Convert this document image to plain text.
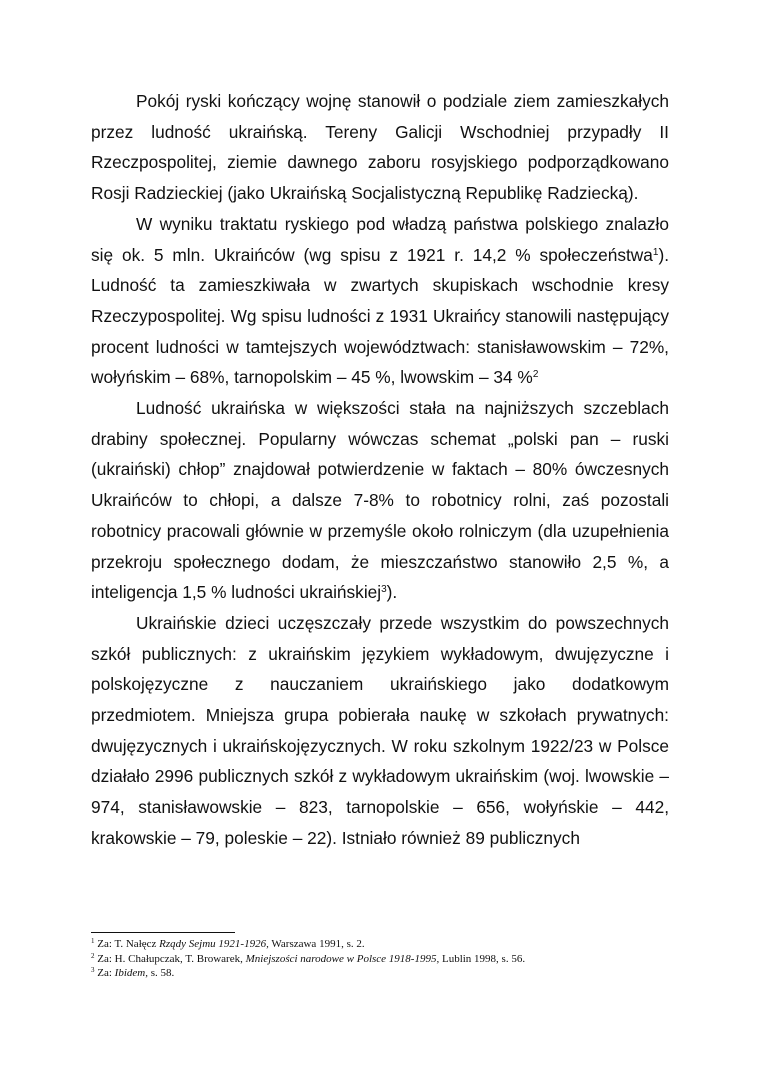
Pokój ryski kończący wojnę stanowił o podziale ziem zamieszkałych przez ludność ukraińską. Tereny Galicji Wschodniej przypadły II Rzeczpospolitej, ziemie dawnego zaboru rosyjskiego podporządkowano Rosji Radzieckiej (jako Ukraińską Socjalistyczną Republikę Radziecką).

W wyniku traktatu ryskiego pod władzą państwa polskiego znalazło się ok. 5 mln. Ukraińców (wg spisu z 1921 r. 14,2 % społeczeństwa$^1$). Ludność ta zamieszkiwała w zwartych skupiskach wschodnie kresy Rzeczypospolitej. Wg spisu ludności z 1931 Ukraińcy stanowili następujący procent ludności w tamtejszych województwach: stanisławowskim – 72%, wołyńskim – 68%, tarnopolskim – 45 %, lwowskim – 34 %$^2$

Ludność ukraińska w większości stała na najniższych szczeblach drabiny społecznej. Popularny wówczas schemat „polski pan – ruski (ukraiński) chłop” znajdował potwierdzenie w faktach – 80% ówczesnych Ukraińców to chłopi, a dalsze 7-8% to robotnicy rolni, zaś pozostali robotnicy pracowali głównie w przemyśle około rolniczym (dla uzupełnienia przekroju społecznego dodam, że mieszczaństwo stanowiło 2,5 %, a inteligencja 1,5 % ludności ukraińskiej$^3$).

Ukraińskie dzieci uczęszczały przede wszystkim do powszechnych szkół publicznych: z ukraińskim językiem wykładowym, dwujęzyczne i polskojęzyczne z nauczaniem ukraińskiego jako dodatkowym przedmiotem. Mniejsza grupa pobierała naukę w szkołach prywatnych: dwujęzycznych i ukraińskojęzycznych. W roku szkolnym 1922/23 w Polsce działało 2996 publicznych szkół z wykładowym ukraińskim (woj. lwowskie – 974, stanisławowskie – 823, tarnopolskie – 656, wołyńskie – 442, krakowskie – 79, poleskie – 22). Istniało również 89 publicznych

$^1$ Za: T. Nałęcz Rządy Sejmu 1921-1926, Warszawa 1991, s. 2.

$^2$ Za: H. Chałupczak, T. Browarek, Mniejszości narodowe w Polsce 1918-1995, Lublin 1998, s. 56.

$^3$ Za: Ibidem, s. 58.
